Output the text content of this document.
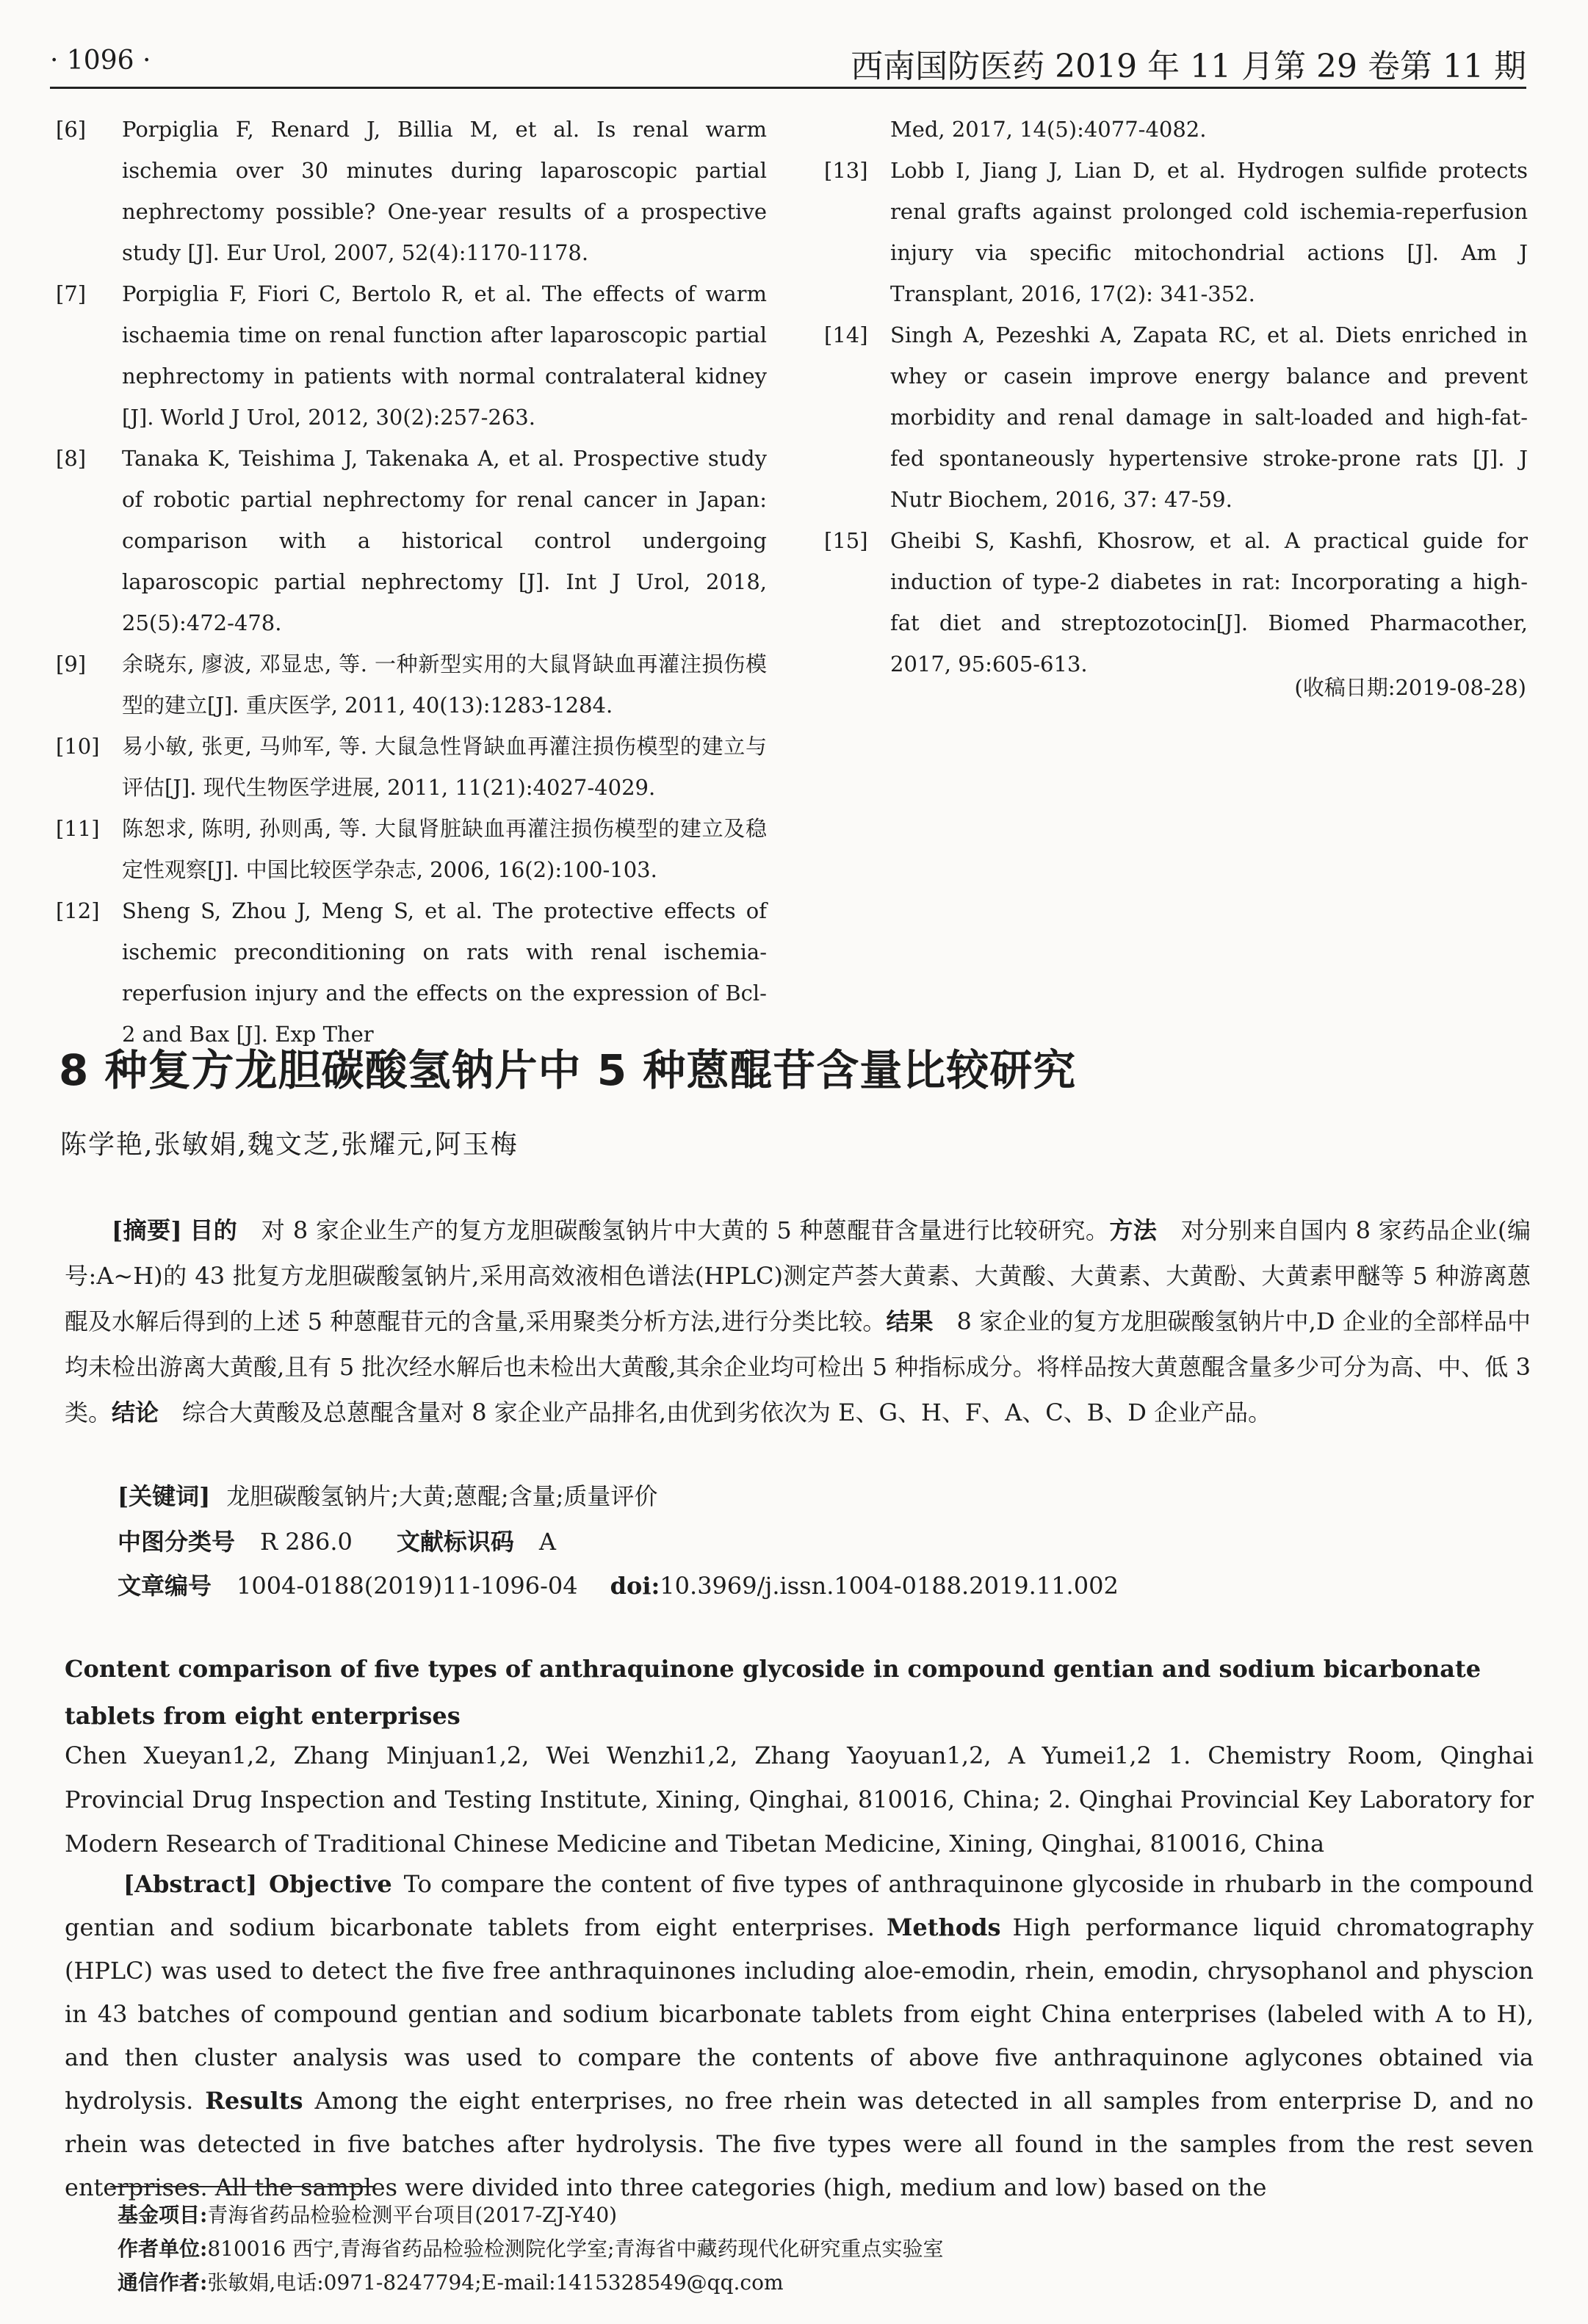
· 1096 ·	西南国防医药 2019 年 11 月第 29 卷第 11 期
[6] Porpiglia F, Renard J, Billia M, et al. Is renal warm ischemia over 30 minutes during laparoscopic partial nephrectomy possible? One-year results of a prospective study [J]. Eur Urol, 2007, 52(4):1170-1178.
[7] Porpiglia F, Fiori C, Bertolo R, et al. The effects of warm ischaemia time on renal function after laparoscopic partial nephrectomy in patients with normal contralateral kidney [J]. World J Urol, 2012, 30(2):257-263.
[8] Tanaka K, Teishima J, Takenaka A, et al. Prospective study of robotic partial nephrectomy for renal cancer in Japan: comparison with a historical control undergoing laparoscopic partial nephrectomy [J]. Int J Urol, 2018, 25(5):472-478.
[9] 余晓东, 廖波, 邓显忠, 等. 一种新型实用的大鼠肾缺血再灌注损伤模型的建立[J]. 重庆医学, 2011, 40(13):1283-1284.
[10] 易小敏, 张更, 马帅军, 等. 大鼠急性肾缺血再灌注损伤模型的建立与评估[J]. 现代生物医学进展, 2011, 11(21):4027-4029.
[11] 陈恕求, 陈明, 孙则禹, 等. 大鼠肾脏缺血再灌注损伤模型的建立及稳定性观察[J]. 中国比较医学杂志, 2006, 16(2):100-103.
[12] Sheng S, Zhou J, Meng S, et al. The protective effects of ischemic preconditioning on rats with renal ischemia-reperfusion injury and the effects on the expression of Bcl-2 and Bax [J]. Exp Ther
Med, 2017, 14(5):4077-4082.
[13] Lobb I, Jiang J, Lian D, et al. Hydrogen sulfide protects renal grafts against prolonged cold ischemia-reperfusion injury via specific mitochondrial actions [J]. Am J Transplant, 2016, 17(2): 341-352.
[14] Singh A, Pezeshki A, Zapata RC, et al. Diets enriched in whey or casein improve energy balance and prevent morbidity and renal damage in salt-loaded and high-fat-fed spontaneously hypertensive stroke-prone rats [J]. J Nutr Biochem, 2016, 37: 47-59.
[15] Gheibi S, Kashfi, Khosrow, et al. A practical guide for induction of type-2 diabetes in rat: Incorporating a high-fat diet and streptozotocin[J]. Biomed Pharmacother, 2017, 95:605-613.
(收稿日期:2019-08-28)
8 种复方龙胆碳酸氢钠片中 5 种蒽醌苷含量比较研究
陈学艳,张敏娟,魏文芝,张耀元,阿玉梅
  [摘要] 目的  对 8 家企业生产的复方龙胆碳酸氢钠片中大黄的 5 种蒽醌苷含量进行比较研究。方法  对分别来自国内 8 家药品企业(编号:A~H)的 43 批复方龙胆碳酸氢钠片,采用高效液相色谱法(HPLC)测定芦荟大黄素、大黄酸、大黄素、大黄酚、大黄素甲醚等 5 种游离蒽醌及水解后得到的上述 5 种蒽醌苷元的含量,采用聚类分析方法,进行分类比较。结果  8 家企业的复方龙胆碳酸氢钠片中,D 企业的全部样品中均未检出游离大黄酸,且有 5 批次经水解后也未检出大黄酸,其余企业均可检出 5 种指标成分。将样品按大黄蒽醌含量多少可分为高、中、低 3 类。结论  综合大黄酸及总蒽醌含量对 8 家企业产品排名,由优到劣依次为 E、G、H、F、A、C、B、D 企业产品。
[关键词] 龙胆碳酸氢钠片;大黄;蒽醌;含量;质量评价
中图分类号 R 286.0 文献标识码 A
文章编号 1004-0188(2019)11-1096-04 doi:10.3969/j.issn.1004-0188.2019.11.002
Content comparison of five types of anthraquinone glycoside in compound gentian and sodium bicarbonate tablets from eight enterprises
Chen Xueyan1,2, Zhang Minjuan1,2, Wei Wenzhi1,2, Zhang Yaoyuan1,2, A Yumei1,2 1. Chemistry Room, Qinghai Provincial Drug Inspection and Testing Institute, Xining, Qinghai, 810016, China; 2. Qinghai Provincial Key Laboratory for Modern Research of Traditional Chinese Medicine and Tibetan Medicine, Xining, Qinghai, 810016, China
[Abstract]  Objective  To compare the content of five types of anthraquinone glycoside in rhubarb in the compound gentian and sodium bicarbonate tablets from eight enterprises.  Methods  High performance liquid chromatography (HPLC) was used to detect the five free anthraquinones including aloe-emodin, rhein, emodin, chrysophanol and physcion in 43 batches of compound gentian and sodium bicarbonate tablets from eight China enterprises (labeled with A to H), and then cluster analysis was used to compare the contents of above five anthraquinone aglycones obtained via hydrolysis.  Results  Among the eight enterprises, no free rhein was detected in all samples from enterprise D, and no rhein was detected in five batches after hydrolysis. The five types were all found in the samples from the rest seven enterprises. All the samples were divided into three categories (high, medium and low) based on the
基金项目:青海省药品检验检测平台项目(2017-ZJ-Y40)
作者单位:810016 西宁,青海省药品检验检测院化学室;青海省中藏药现代化研究重点实验室
通信作者:张敏娟,电话:0971-8247794;E-mail:1415328549@qq.com
